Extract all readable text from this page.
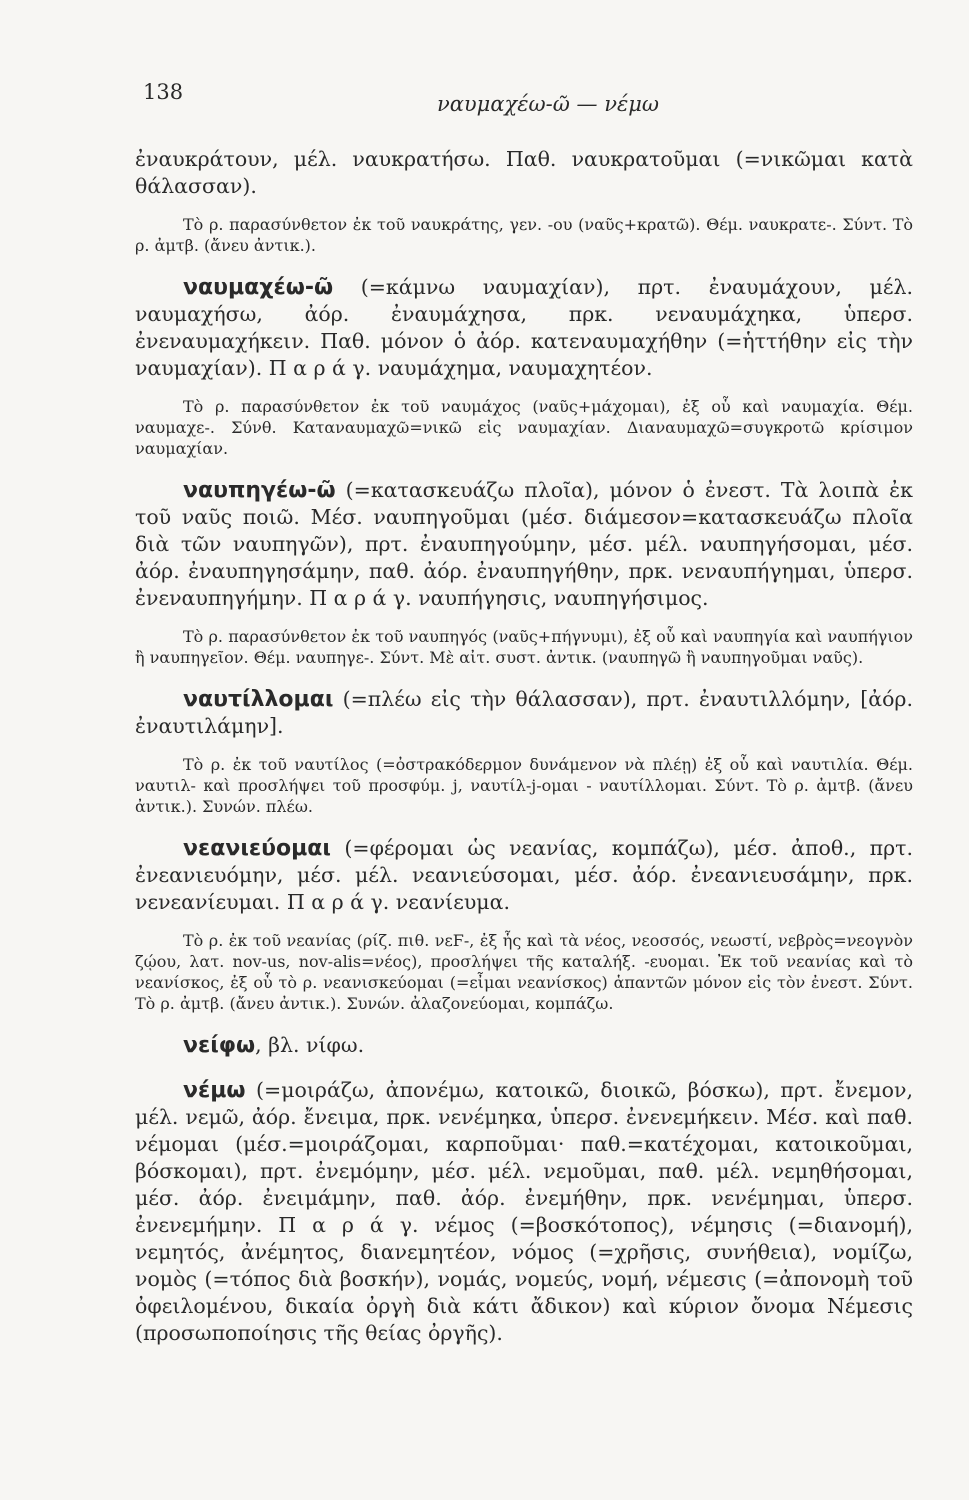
138	ναυμαχέω-ῶ — νέμω

ἐναυκράτουν, μέλ. ναυκρατήσω. Παθ. ναυκρατοῦμαι (=νικῶμαι κατὰ θάλασσαν).

Τὸ ρ. παρασύνθετον ἐκ τοῦ ναυκράτης, γεν. -ου (ναῦς+κρατῶ). Θέμ. ναυκρατε-. Σύντ. Τὸ ρ. ἀμτβ. (ἄνευ ἀντικ.).

ναυμαχέω-ῶ (=κάμνω ναυμαχίαν), πρτ. ἐναυμάχουν, μέλ. ναυμαχήσω, ἀόρ. ἐναυμάχησα, πρκ. νεναυμάχηκα, ὑπερσ. ἐνεναυμαχήκειν. Παθ. μόνον ὁ ἀόρ. κατεναυμαχήθην (=ἡττήθην εἰς τὴν ναυμαχίαν). Π α ρ ά γ. ναυμάχημα, ναυμαχητέον.

Τὸ ρ. παρασύνθετον ἐκ τοῦ ναυμάχος (ναῦς+μάχομαι), ἐξ οὗ καὶ ναυμαχία. Θέμ. ναυμαχε-. Σύνθ. Καταναυμαχῶ=νικῶ εἰς ναυμαχίαν. Διαναυμαχῶ=συγκροτῶ κρίσιμον ναυμαχίαν.

ναυπηγέω-ῶ (=κατασκευάζω πλοῖα), μόνον ὁ ἐνεστ. Τὰ λοιπὰ ἐκ τοῦ ναῦς ποιῶ. Μέσ. ναυπηγοῦμαι (μέσ. διάμεσον=κατασκευάζω πλοῖα διὰ τῶν ναυπηγῶν), πρτ. ἐναυπηγούμην, μέσ. μέλ. ναυπηγήσομαι, μέσ. ἀόρ. ἐναυπηγησάμην, παθ. ἀόρ. ἐναυπηγήθην, πρκ. νεναυπήγημαι, ὑπερσ. ἐνεναυπηγήμην. Π α ρ ά γ. ναυπήγησις, ναυπηγήσιμος.

Τὸ ρ. παρασύνθετον ἐκ τοῦ ναυπηγός (ναῦς+πήγνυμι), ἐξ οὗ καὶ ναυπηγία καὶ ναυπήγιον ἢ ναυπηγεῖον. Θέμ. ναυπηγε-. Σύντ. Μὲ αἰτ. συστ. ἀντικ. (ναυπηγῶ ἢ ναυπηγοῦμαι ναῦς).

ναυτίλλομαι (=πλέω εἰς τὴν θάλασσαν), πρτ. ἐναυτιλλόμην, [ἀόρ. ἐναυτιλάμην].

Τὸ ρ. ἐκ τοῦ ναυτίλος (=ὀστρακόδερμον δυνάμενον νὰ πλέῃ) ἐξ οὗ καὶ ναυτιλία. Θέμ. ναυτιλ- καὶ προσλήψει τοῦ προσφύμ. j, ναυτίλ-j-ομαι - ναυτίλλομαι. Σύντ. Τὸ ρ. ἀμτβ. (ἄνευ ἀντικ.). Συνών. πλέω.

νεανιεύομαι (=φέρομαι ὡς νεανίας, κομπάζω), μέσ. ἀποθ., πρτ. ἐνεανιευόμην, μέσ. μέλ. νεανιεύσομαι, μέσ. ἀόρ. ἐνεανιευσάμην, πρκ. νενεανίευμαι. Π α ρ ά γ. νεανίευμα.

Τὸ ρ. ἐκ τοῦ νεανίας (ρίζ. πιθ. νεϜ-, ἐξ ἧς καὶ τὰ νέος, νεοσσός, νεωστί, νεβρὸς=νεογνὸν ζῴου, λατ. nov-us, nov-alis=νέος), προσλήψει τῆς καταλήξ. -ευομαι. Ἐκ τοῦ νεανίας καὶ τὸ νεανίσκος, ἐξ οὗ τὸ ρ. νεανισκεύομαι (=εἶμαι νεανίσκος) ἁπαντῶν μόνον εἰς τὸν ἐνεστ. Σύντ. Τὸ ρ. ἀμτβ. (ἄνευ ἀντικ.). Συνών. ἀλαζονεύομαι, κομπάζω.

νείφω, βλ. νίφω.

νέμω (=μοιράζω, ἀπονέμω, κατοικῶ, διοικῶ, βόσκω), πρτ. ἔνεμον, μέλ. νεμῶ, ἀόρ. ἔνειμα, πρκ. νενέμηκα, ὑπερσ. ἐνενεμήκειν. Μέσ. καὶ παθ. νέμομαι (μέσ.=μοιράζομαι, καρποῦμαι· παθ.=κατέχομαι, κατοικοῦμαι, βόσκομαι), πρτ. ἐνεμόμην, μέσ. μέλ. νεμοῦμαι, παθ. μέλ. νεμηθήσομαι, μέσ. ἀόρ. ἐνειμάμην, παθ. ἀόρ. ἐνεμήθην, πρκ. νενέμημαι, ὑπερσ. ἐνενεμήμην. Π α ρ ά γ. νέμος (=βοσκότοπος), νέμησις (=διανομή), νεμητός, ἀνέμητος, διανεμητέον, νόμος (=χρῆσις, συνήθεια), νομίζω, νομὸς (=τόπος διὰ βοσκήν), νομάς, νομεύς, νομή, νέμεσις (=ἀπονομὴ τοῦ ὀφειλομένου, δικαία ὀργὴ διὰ κάτι ἄδικον) καὶ κύριον ὄνομα Νέμεσις (προσωποποίησις τῆς θείας ὀργῆς).
